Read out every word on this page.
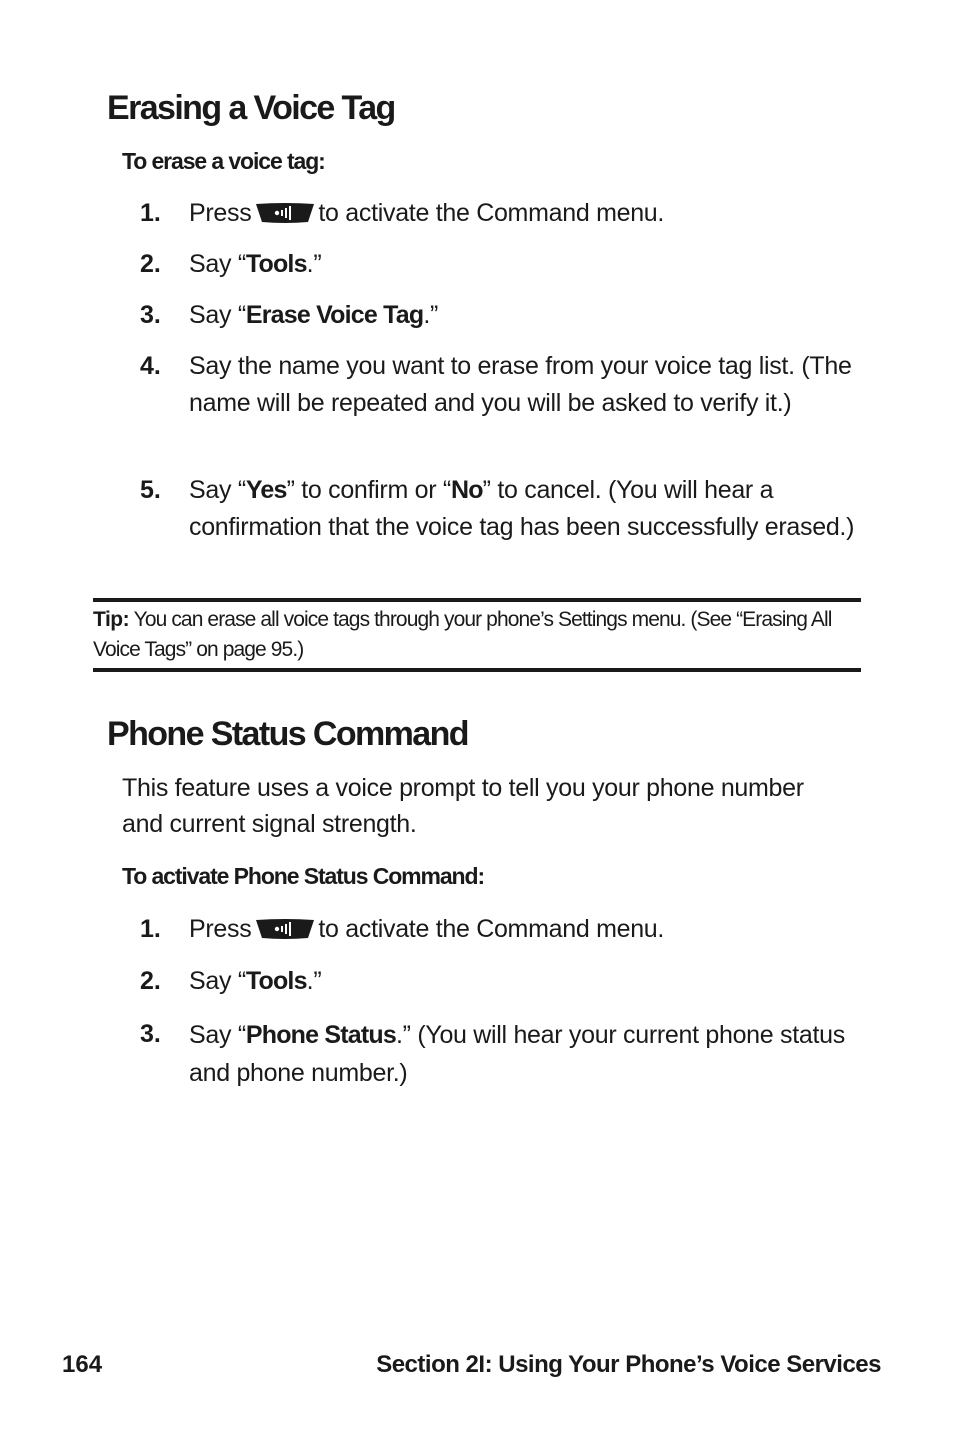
Erasing a Voice Tag

To erase a voice tag:

1.	Press	to activate the Command menu.
2.	Say “Tools.”
3.	Say “Erase Voice Tag.”
4.	Say the name you want to erase from your voice tag list. (The name will be repeated and you will be asked to verify it.)
5.	Say “Yes” to confirm or “No” to cancel. (You will hear a confirmation that the voice tag has been successfully erased.)

Tip: You can erase all voice tags through your phone’s Settings menu. (See “Erasing All Voice Tags” on page 95.)

Phone Status Command

This feature uses a voice prompt to tell you your phone number and current signal strength.

To activate Phone Status Command:

1.	Press	to activate the Command menu.
2.	Say “Tools.”
3.	Say “Phone Status.” (You will hear your current phone status and phone number.)
164	Section 2I: Using Your Phone’s Voice Services
